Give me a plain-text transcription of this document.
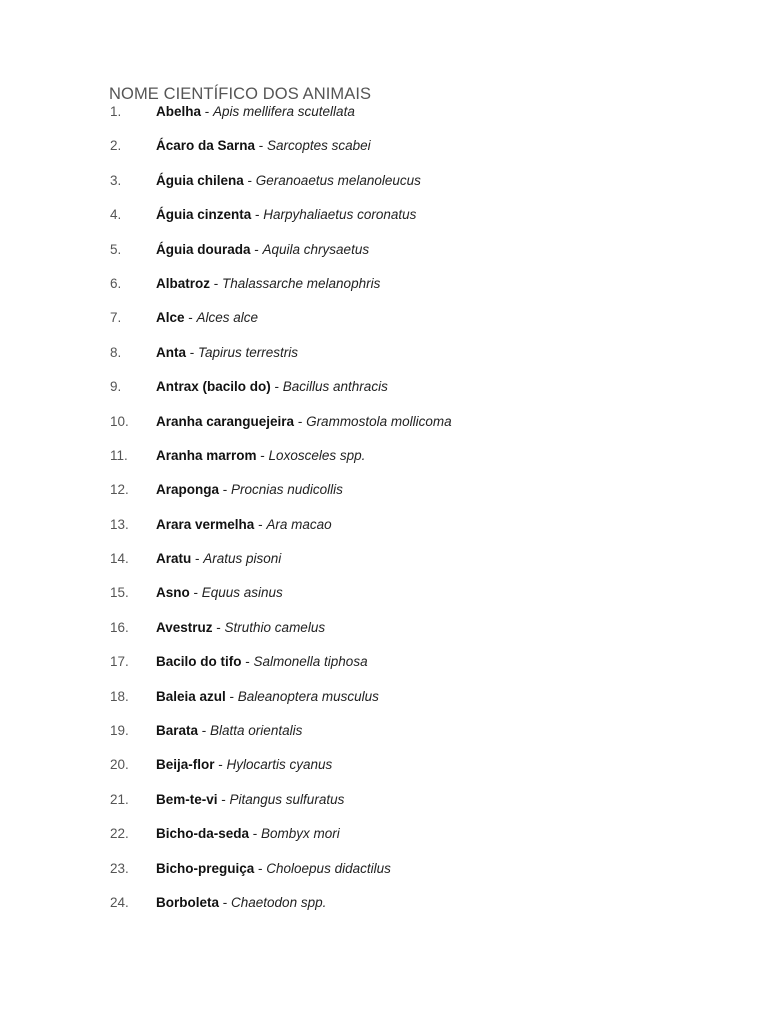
NOME CIENTÍFICO DOS ANIMAIS
1.	Abelha - Apis mellifera scutellata
2.	Ácaro da Sarna - Sarcoptes scabei
3.	Águia chilena - Geranoaetus melanoleucus
4.	Águia cinzenta - Harpyhaliaetus coronatus
5.	Águia dourada - Aquila chrysaetus
6.	Albatroz - Thalassarche melanophris
7.	Alce - Alces alce
8.	Anta - Tapirus terrestris
9.	Antrax (bacilo do) - Bacillus anthracis
10. Aranha caranguejeira - Grammostola mollicoma
11. Aranha marrom - Loxosceles spp.
12. Araponga - Procnias nudicollis
13. Arara vermelha - Ara macao
14. Aratu - Aratus pisoni
15. Asno - Equus asinus
16. Avestruz - Struthio camelus
17. Bacilo do tifo - Salmonella tiphosa
18. Baleia azul - Baleanoptera musculus
19. Barata - Blatta orientalis
20. Beija-flor - Hylocartis cyanus
21. Bem-te-vi - Pitangus sulfuratus
22. Bicho-da-seda - Bombyx mori
23. Bicho-preguiça - Choloepus didactilus
24. Borboleta - Chaetodon spp.
